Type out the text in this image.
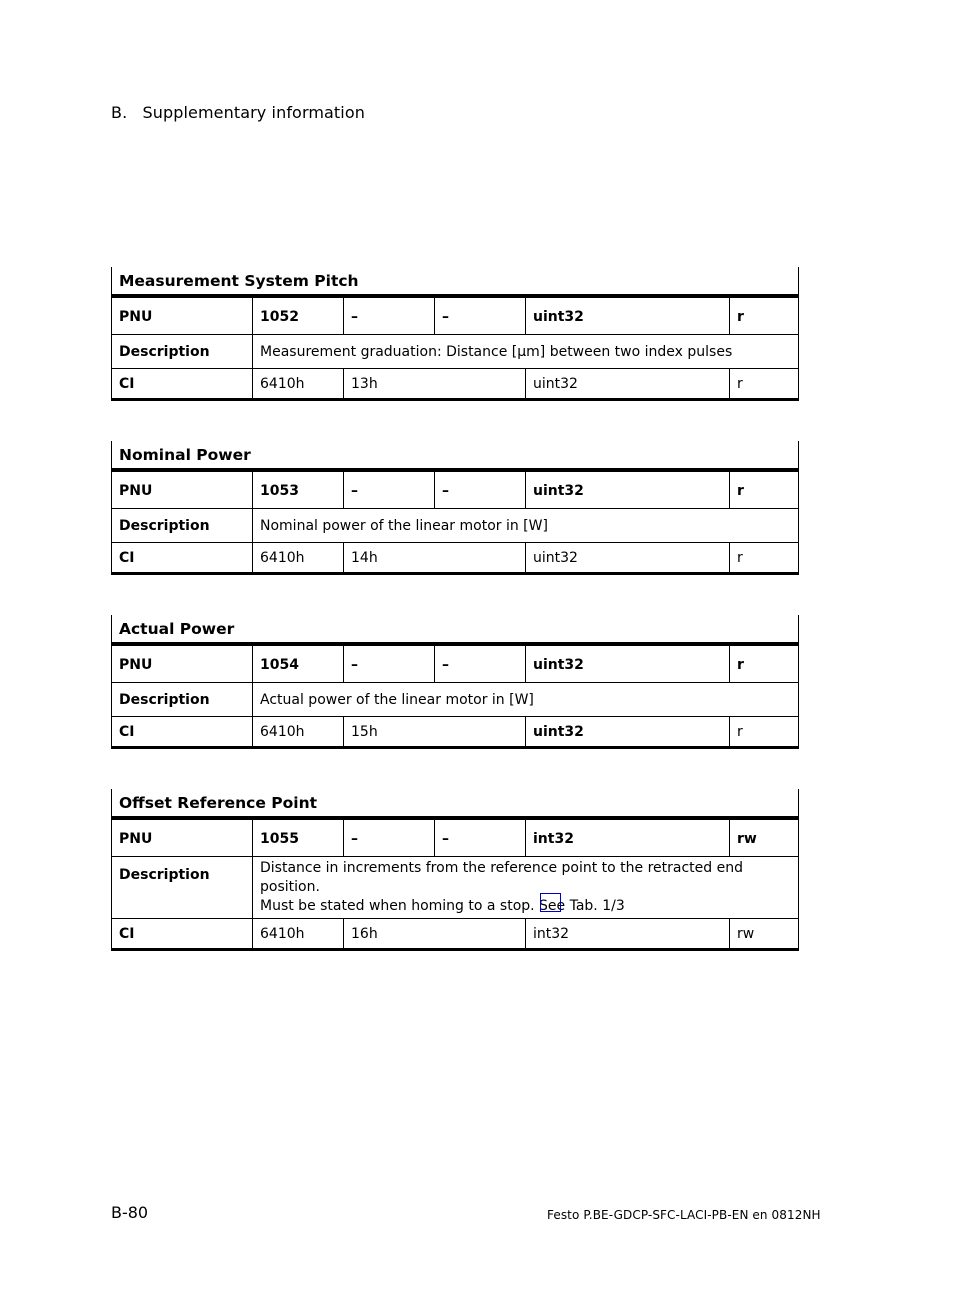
B. Supplementary information
Measurement System Pitch
PNU	1052	–	–	uint32	r
Description	Measurement graduation: Distance [µm] between two index pulses				
CI	6410h	13h		uint32	r
Nominal Power
PNU	1053	–	–	uint32	r
Description	Nominal power of the linear motor in [W]				
CI	6410h	14h		uint32	r
Actual Power
PNU	1054	–	–	uint32	r
Description	Actual power of the linear motor in [W]				
CI	6410h	15h		uint32	r
Offset Reference Point
PNU	1055	–	–	int32	rw
Description	Distance in increments from the reference point to the retracted end position.
Must be stated when homing to a stop. See Tab. 1/3				

CI	6410h	16h		int32	rw
B-80	Festo P.BE-GDCP-SFC-LACI-PB-EN en 0812NH
